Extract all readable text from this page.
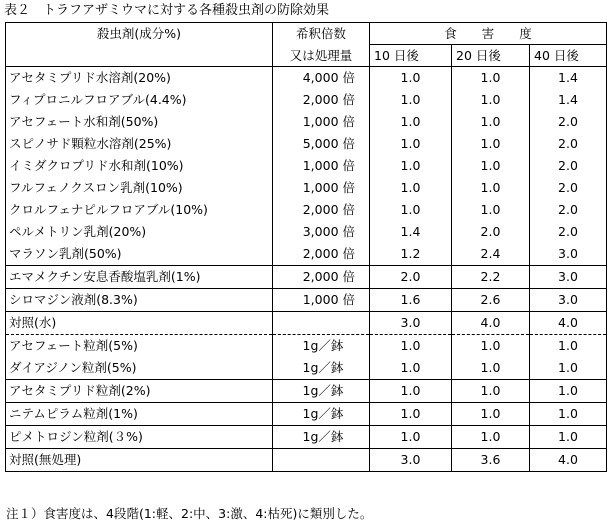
表２　トラフアザミウマに対する各種殺虫剤の防除効果
殺虫剤(成分%)	希釈倍数	食　　害　　度		
	又は処理量	10 日後	20 日後	40 日後
アセタミプリド水溶剤(20%)	4,000 倍	1.0	1.0	1.4
フィプロニルフロアブル(4.4%)	2,000 倍	1.0	1.0	1.4
アセフェート水和剤(50%)	1,000 倍	1.0	1.0	2.0
スピノサド顆粒水溶剤(25%)	5,000 倍	1.0	1.0	2.0
イミダクロプリド水和剤(10%)	1,000 倍	1.0	1.0	2.0
フルフェノクスロン乳剤(10%)	1,000 倍	1.0	1.0	2.0
クロルフェナピルフロアブル(10%)	2,000 倍	1.0	1.0	2.0
ペルメトリン乳剤(20%)	3,000 倍	1.4	2.0	2.0
マラソン乳剤(50%)	2,000 倍	1.2	2.4	3.0
エマメクチン安息香酸塩乳剤(1%)	2,000 倍	2.0	2.2	3.0
シロマジン液剤(8.3%)	1,000 倍	1.6	2.6	3.0
対照(水)		3.0	4.0	4.0
アセフェート粒剤(5%)	1g／鉢	1.0	1.0	1.0
ダイアジノン粒剤(5%)	1g／鉢	1.0	1.0	1.0
アセタミプリド粒剤(2%)	1g／鉢	1.0	1.0	1.0
ニテムピラム粒剤(1%)	1g／鉢	1.0	1.0	1.0
ピメトロジン粒剤(３%)	1g／鉢	1.0	1.0	1.0
対照(無処理)		3.0	3.6	4.0
注１）食害度は、4段階(1:軽、2:中、3:激、4:枯死)に類別した。
